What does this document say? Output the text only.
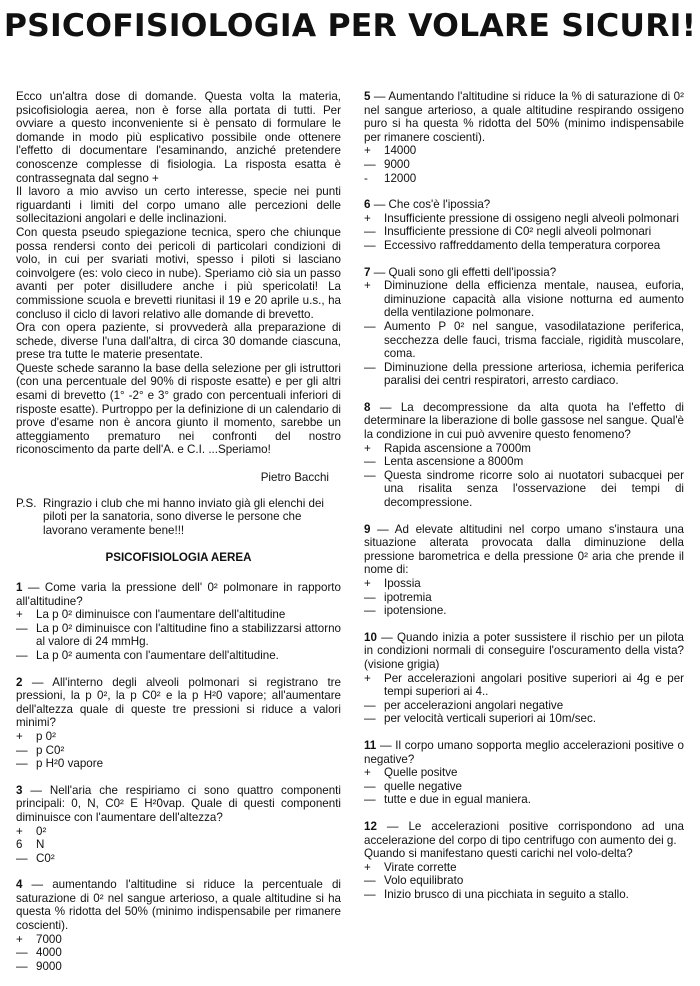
PSICOFISIOLOGIA PER VOLARE SICURI!

Ecco un'altra dose di domande. Questa volta la materia, psicofisiologia aerea, non è forse alla portata di tutti. Per ovviare a questo inconveniente si è pensato di formulare le domande in modo più esplicativo possibile onde ottenere l'effetto di documentare l'esaminando, anziché pretendere conoscenze complesse di fisiologia. La risposta esatta è contrassegnata dal segno +

Il lavoro a mio avviso un certo interesse, specie nei punti riguardanti i limiti del corpo umano alle percezioni delle sollecitazioni angolari e delle inclinazioni.

Con questa pseudo spiegazione tecnica, spero che chiunque possa rendersi conto dei pericoli di particolari condizioni di volo, in cui per svariati motivi, spesso i piloti si lasciano coinvolgere (es: volo cieco in nube). Speriamo ciò sia un passo avanti per poter disilludere anche i più spericolati! La commissione scuola e brevetti riunitasi il 19 e 20 aprile u.s., ha concluso il ciclo di lavori relativo alle domande di brevetto.

Ora con opera paziente, si provvederà alla preparazione di schede, diverse l'una dall'altra, di circa 30 domande ciascuna, prese tra tutte le materie presentate.

Queste schede saranno la base della selezione per gli istruttori (con una percentuale del 90% di risposte esatte) e per gli altri esami di brevetto (1° -2° e 3° grado con percentuali inferiori di risposte esatte). Purtroppo per la definizione di un calendario di prove d'esame non è ancora giunto il momento, sarebbe un atteggiamento prematuro nei confronti del nostro riconoscimento da parte dell'A. e C.I. ...Speriamo!

Pietro Bacchi
P.S. Ringrazio i club che mi hanno inviato già gli elenchi dei piloti per la sanatoria, sono diverse le persone che lavorano veramente bene!!!
PSICOFISIOLOGIA AEREA
1 — Come varia la pressione dell' 0² polmonare in rapporto all'altitudine?
+	La p 0² diminuisce con l'aumentare dell'altitudine
— La p 0² diminuisce con l'altitudine fino a stabilizzarsi attorno al valore di 24 mmHg.
— La p 0² aumenta con l'aumentare dell'altitudine.
2 — All'interno degli alveoli polmonari si registrano tre pressioni, la p 0², la p C0² e la p H²0 vapore; all'aumentare dell'altezza quale di queste tre pressioni si riduce a valori minimi?
+	p 0²
— p C0²
— p H²0 vapore
3 — Nell'aria che respiriamo ci sono quattro componenti principali: 0, N, C0² E H²0vap. Quale di questi componenti diminuisce con l'aumentare dell'altezza?
+	0²
6	N
— C0²
4 — aumentando l'altitudine si riduce la percentuale di saturazione di 0² nel sangue arterioso, a quale altitudine si ha questa % ridotta del 50% (minimo indispensabile per rimanere coscienti).
+	7000
— 4000
— 9000
5 — Aumentando l'altitudine si riduce la % di saturazione di 0² nel sangue arterioso, a quale altitudine respirando ossigeno puro si ha questa % ridotta del 50% (minimo indispensabile per rimanere coscienti).
+	14000
— 9000
-	12000
6 — Che cos'è l'ipossia?
+	Insufficiente pressione di ossigeno negli alveoli polmonari
— Insufficiente pressione di C0² negli alveoli polmonari
— Eccessivo raffreddamento della temperatura corporea
7 — Quali sono gli effetti dell'ipossia?
+	Diminuzione della efficienza mentale, nausea, euforia, diminuzione capacità alla visione notturna ed aumento della ventilazione polmonare.
— Aumento P 0² nel sangue, vasodilatazione periferica, secchezza delle fauci, trisma facciale, rigidità muscolare, coma.
— Diminuzione della pressione arteriosa, ichemia periferica paralisi dei centri respiratori, arresto cardiaco.
8 — La decompressione da alta quota ha l'effetto di determinare la liberazione di bolle gassose nel sangue. Qual'è la condizione in cui può avvenire questo fenomeno?
+	Rapida ascensione a 7000m
— Lenta ascensione a 8000m
— Questa sindrome ricorre solo ai nuotatori subacquei per una risalita senza l'osservazione dei tempi di decompressione.
9 — Ad elevate altitudini nel corpo umano s'instaura una situazione alterata provocata dalla diminuzione della pressione barometrica e della pressione 0² aria che prende il nome di:
+	Ipossia
— ipotremia
— ipotensione.
10 — Quando inizia a poter sussistere il rischio per un pilota in condizioni normali di conseguire l'oscuramento della vista? (visione grigia)
+	Per accelerazioni angolari positive superiori ai 4g e per tempi superiori ai 4..
— per accelerazioni angolari negative
— per velocità verticali superiori ai 10m/sec.
11 — Il corpo umano sopporta meglio accelerazioni positive o negative?
+	Quelle positve
— quelle negative
— tutte e due in egual maniera.
12 — Le accelerazioni positive corrispondono ad una accelerazione del corpo di tipo centrifugo con aumento dei g.
Quando si manifestano questi carichi nel volo-delta?
+	Virate corrette
— Volo equilibrato
— Inizio brusco di una picchiata in seguito a stallo.
